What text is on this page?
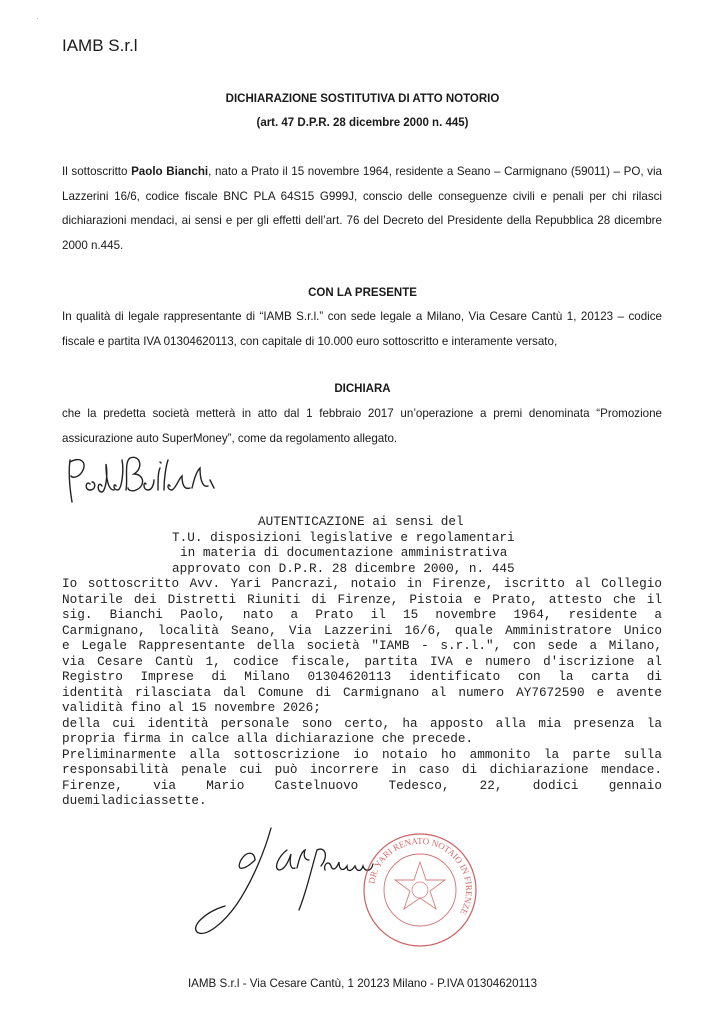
·
IAMB S.r.l
DICHIARAZIONE SOSTITUTIVA DI ATTO NOTORIO
(art. 47 D.P.R. 28 dicembre 2000 n. 445)
Il sottoscritto Paolo Bianchi, nato a Prato il 15 novembre 1964, residente a Seano – Carmignano (59011) – PO, via Lazzerini 16/6, codice fiscale BNC PLA 64S15 G999J, conscio delle conseguenze civili e penali per chi rilasci dichiarazioni mendaci, ai sensi e per gli effetti dell’art. 76 del Decreto del Presidente della Repubblica 28 dicembre 2000 n.445.
CON LA PRESENTE
In qualità di legale rappresentante di “IAMB S.r.l.” con sede legale a Milano, Via Cesare Cantù 1, 20123 – codice fiscale e partita IVA 01304620113, con capitale di 10.000 euro sottoscritto e interamente versato,
DICHIARA
che la predetta società metterà in atto dal 1 febbraio 2017 un’operazione a premi denominata “Promozione assicurazione auto SuperMoney”, come da regolamento allegato.
AUTENTICAZIONE ai sensi del
T.U. disposizioni legislative e regolamentari
in materia di documentazione amministrativa
approvato con D.P.R. 28 dicembre 2000, n. 445
Io sottoscritto Avv. Yari Pancrazi, notaio in Firenze, iscritto al Collegio
Notarile dei Distretti Riuniti di Firenze, Pistoia e Prato, attesto che il
sig. Bianchi Paolo, nato a Prato il 15 novembre 1964, residente a
Carmignano, località Seano, Via Lazzerini 16/6, quale Amministratore Unico
e Legale Rappresentante della società "IAMB - s.r.l.", con sede a Milano,
via Cesare Cantù 1, codice fiscale, partita IVA e numero d'iscrizione al
Registro Imprese di Milano 01304620113 identificato con la carta di
identità rilasciata dal Comune di Carmignano al numero AY7672590 e avente
validità fino al 15 novembre 2026;
della cui identità personale sono certo, ha apposto alla mia presenza la
propria firma in calce alla dichiarazione che precede.
Preliminarmente alla sottoscrizione io notaio ho ammonito la parte sulla
responsabilità penale cui può incorrere in caso di dichiarazione mendace.
Firenze, via Mario Castelnuovo Tedesco, 22, dodici gennaio
duemiladiciassette.
DR. YARI RENATO NOTAIO IN FIRENZE
IAMB S.r.l - Via Cesare Cantù, 1 20123 Milano - P.IVA 01304620113
